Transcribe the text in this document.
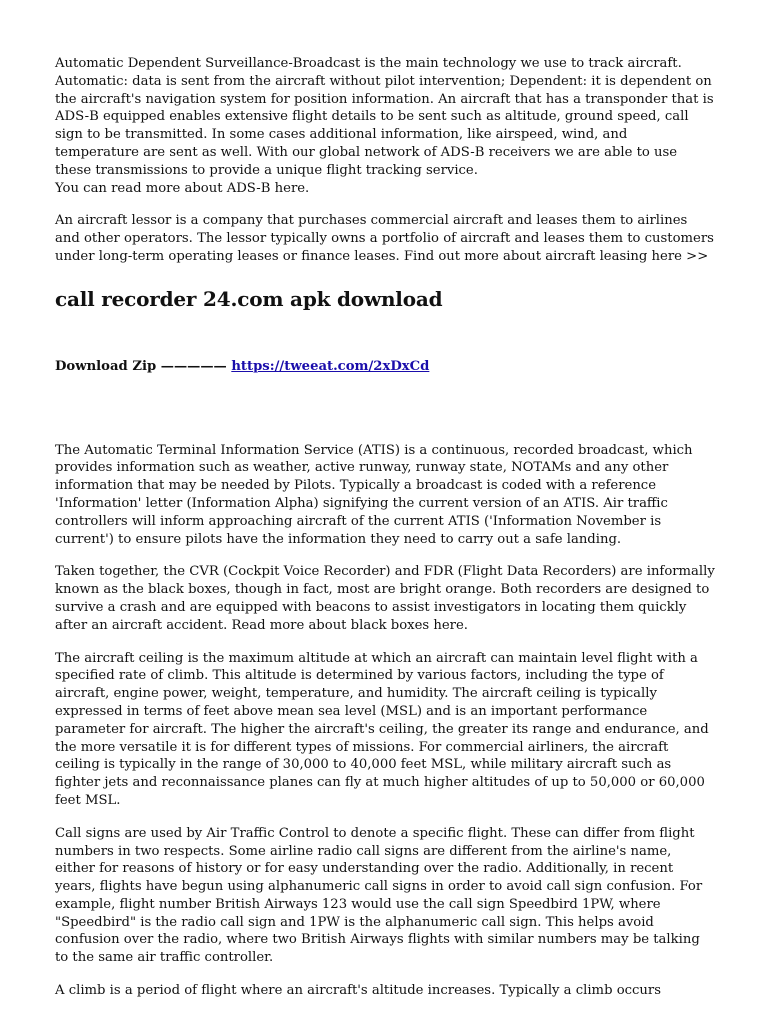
Automatic Dependent Surveillance-Broadcast is the main technology we use to track aircraft. Automatic: data is sent from the aircraft without pilot intervention; Dependent: it is dependent on the aircraft's navigation system for position information. An aircraft that has a transponder that is ADS-B equipped enables extensive flight details to be sent such as altitude, ground speed, call sign to be transmitted. In some cases additional information, like airspeed, wind, and temperature are sent as well. With our global network of ADS-B receivers we are able to use these transmissions to provide a unique flight tracking service.

You can read more about ADS-B here.

An aircraft lessor is a company that purchases commercial aircraft and leases them to airlines and other operators. The lessor typically owns a portfolio of aircraft and leases them to customers under long-term operating leases or finance leases. Find out more about aircraft leasing here >>

call recorder 24.com apk download
Download Zip ————— https://tweeat.com/2xDxCd

The Automatic Terminal Information Service (ATIS) is a continuous, recorded broadcast, which provides information such as weather, active runway, runway state, NOTAMs and any other information that may be needed by Pilots. Typically a broadcast is coded with a reference 'Information' letter (Information Alpha) signifying the current version of an ATIS. Air traffic controllers will inform approaching aircraft of the current ATIS ('Information November is current') to ensure pilots have the information they need to carry out a safe landing.

Taken together, the CVR (Cockpit Voice Recorder) and FDR (Flight Data Recorders) are informally known as the black boxes, though in fact, most are bright orange. Both recorders are designed to survive a crash and are equipped with beacons to assist investigators in locating them quickly after an aircraft accident. Read more about black boxes here.

The aircraft ceiling is the maximum altitude at which an aircraft can maintain level flight with a specified rate of climb. This altitude is determined by various factors, including the type of aircraft, engine power, weight, temperature, and humidity. The aircraft ceiling is typically expressed in terms of feet above mean sea level (MSL) and is an important performance parameter for aircraft. The higher the aircraft's ceiling, the greater its range and endurance, and the more versatile it is for different types of missions. For commercial airliners, the aircraft ceiling is typically in the range of 30,000 to 40,000 feet MSL, while military aircraft such as fighter jets and reconnaissance planes can fly at much higher altitudes of up to 50,000 or 60,000 feet MSL.

Call signs are used by Air Traffic Control to denote a specific flight. These can differ from flight numbers in two respects. Some airline radio call signs are different from the airline's name, either for reasons of history or for easy understanding over the radio. Additionally, in recent years, flights have begun using alphanumeric call signs in order to avoid call sign confusion. For example, flight number British Airways 123 would use the call sign Speedbird 1PW, where "Speedbird" is the radio call sign and 1PW is the alphanumeric call sign. This helps avoid confusion over the radio, where two British Airways flights with similar numbers may be talking to the same air traffic controller.

A climb is a period of flight where an aircraft's altitude increases. Typically a climb occurs
